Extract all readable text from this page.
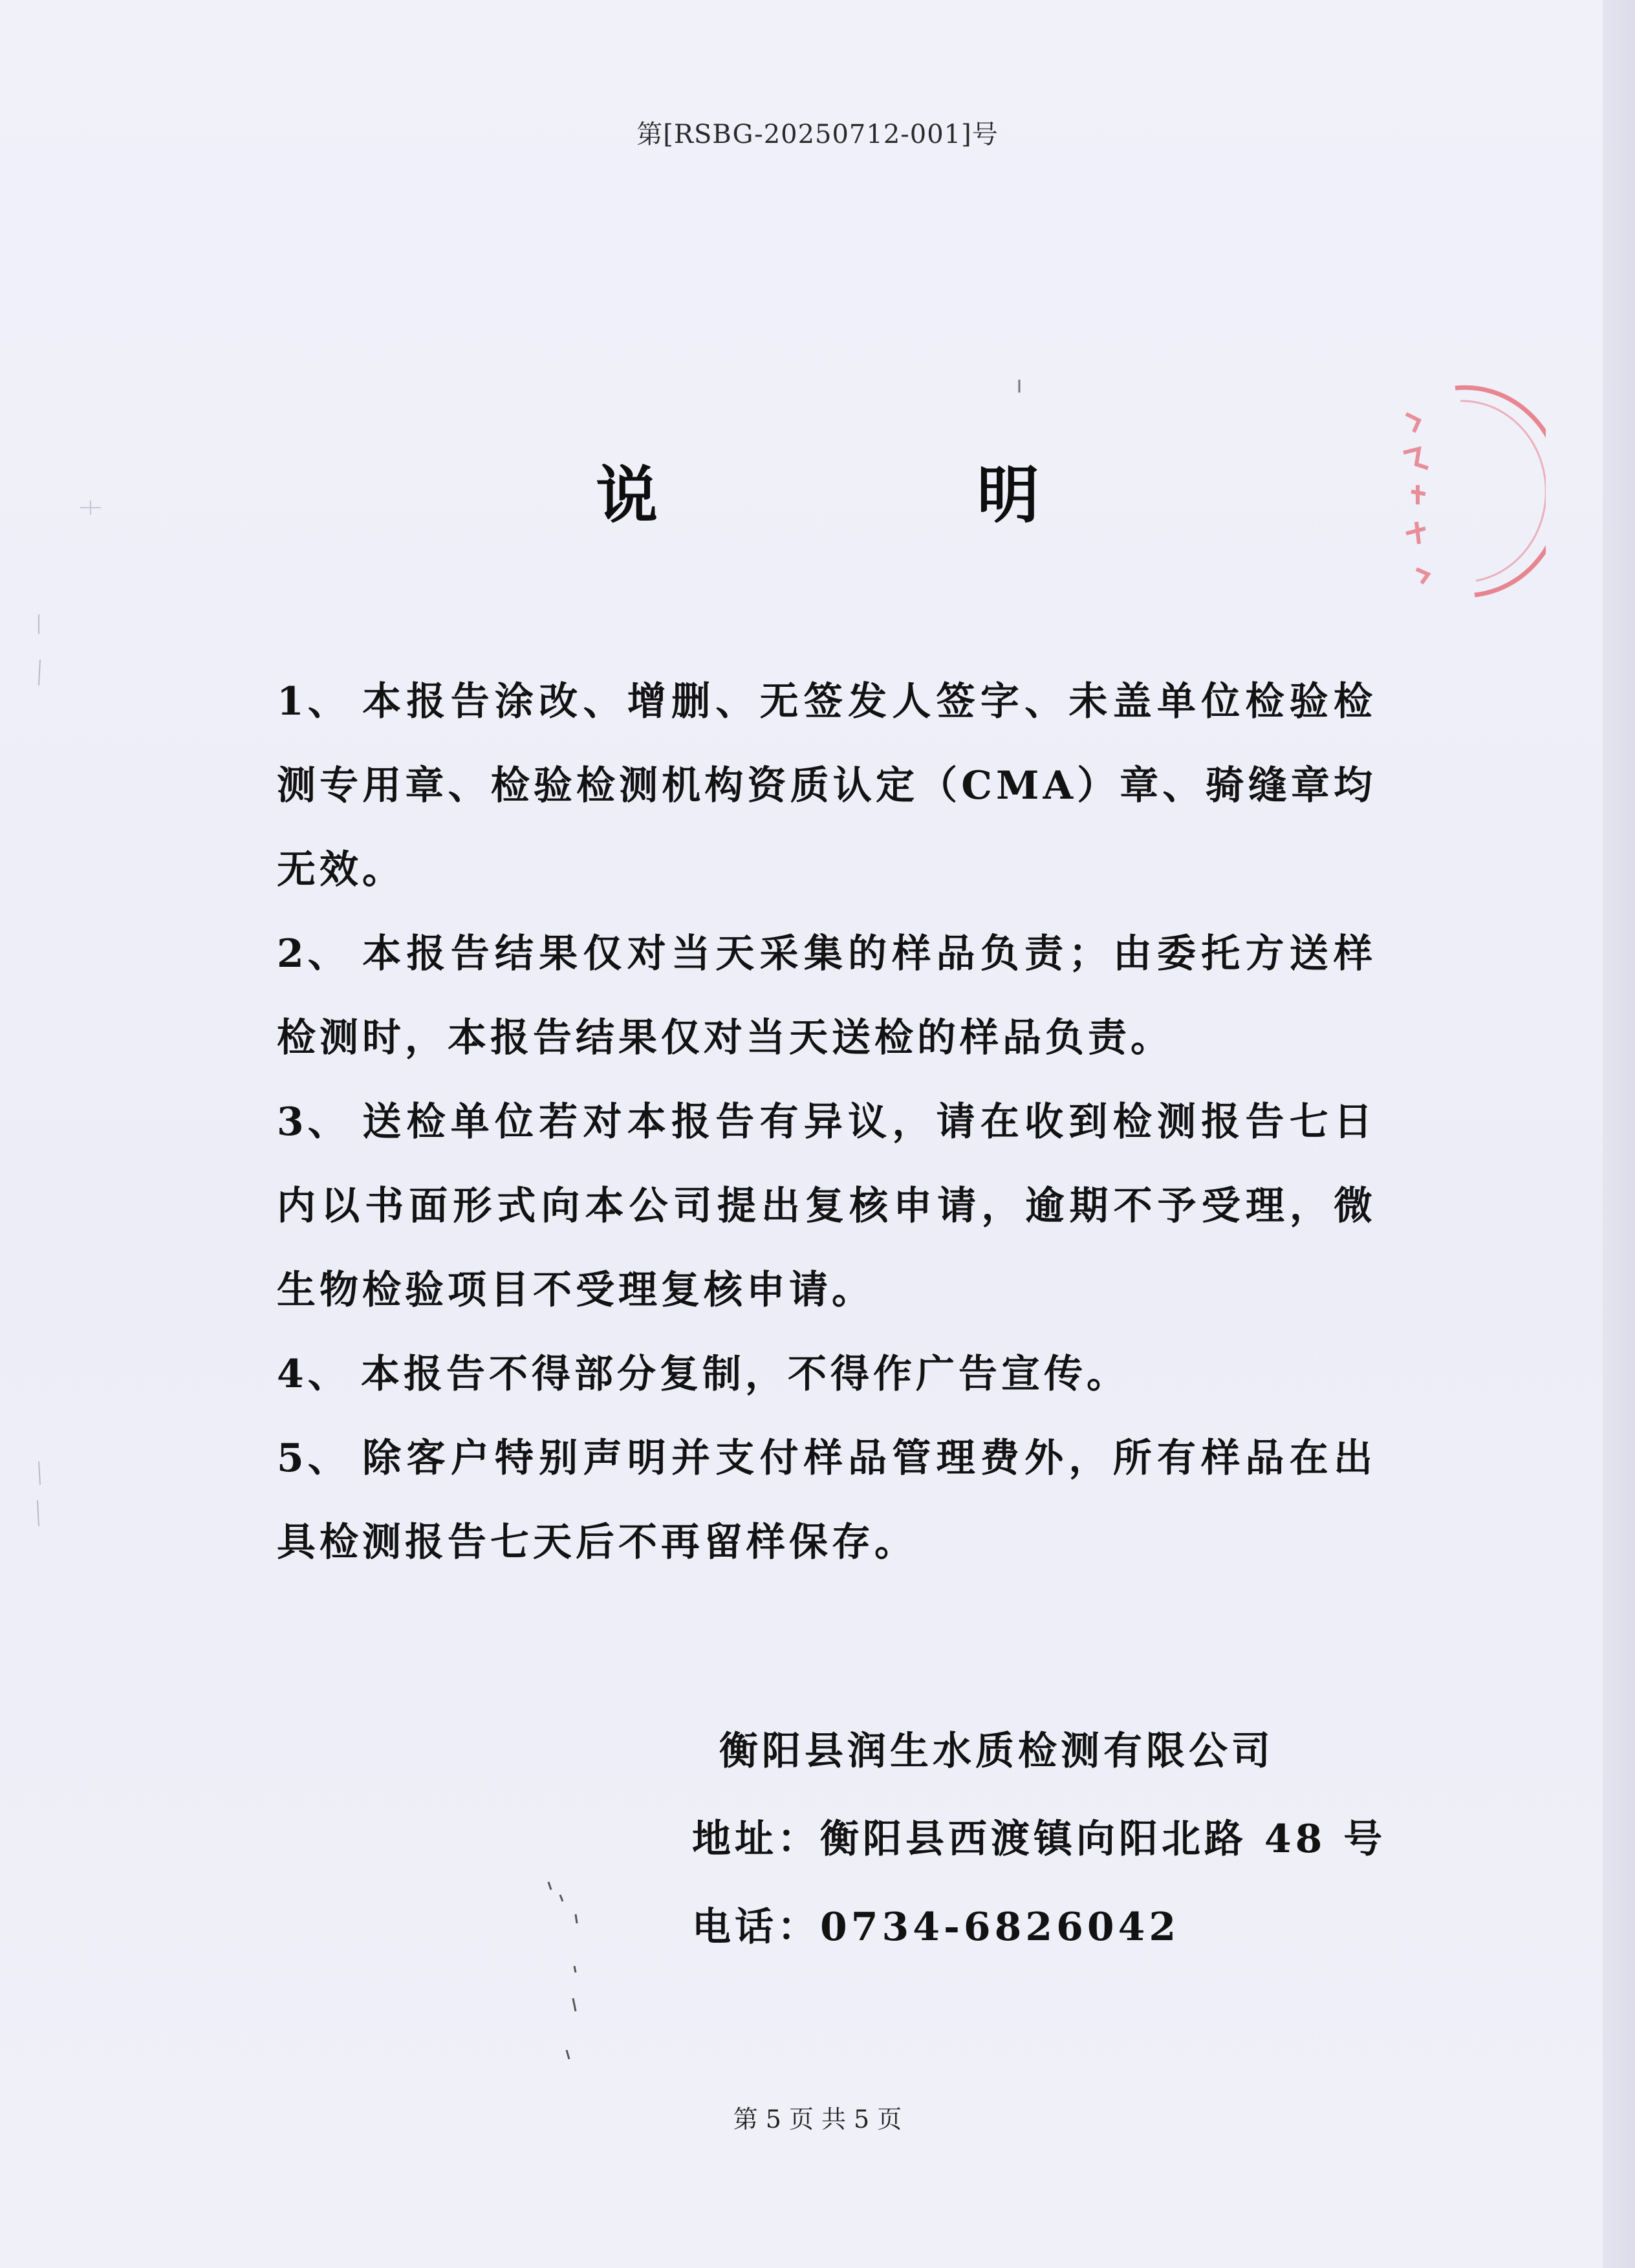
第[RSBG-20250712-001]号
说 明
1、 本报告涂改、增删、无签发人签字、未盖单位检验检测专用章、检验检测机构资质认定（CMA）章、骑缝章均无效。
2、 本报告结果仅对当天采集的样品负责；由委托方送样检测时，本报告结果仅对当天送检的样品负责。
3、 送检单位若对本报告有异议，请在收到检测报告七日内以书面形式向本公司提出复核申请，逾期不予受理，微生物检验项目不受理复核申请。
4、 本报告不得部分复制，不得作广告宣传。
5、 除客户特别声明并支付样品管理费外，所有样品在出具检测报告七天后不再留样保存。
衡阳县润生水质检测有限公司
地址：衡阳县西渡镇向阳北路 48 号
电话：0734-6826042
第 5 页 共 5 页
